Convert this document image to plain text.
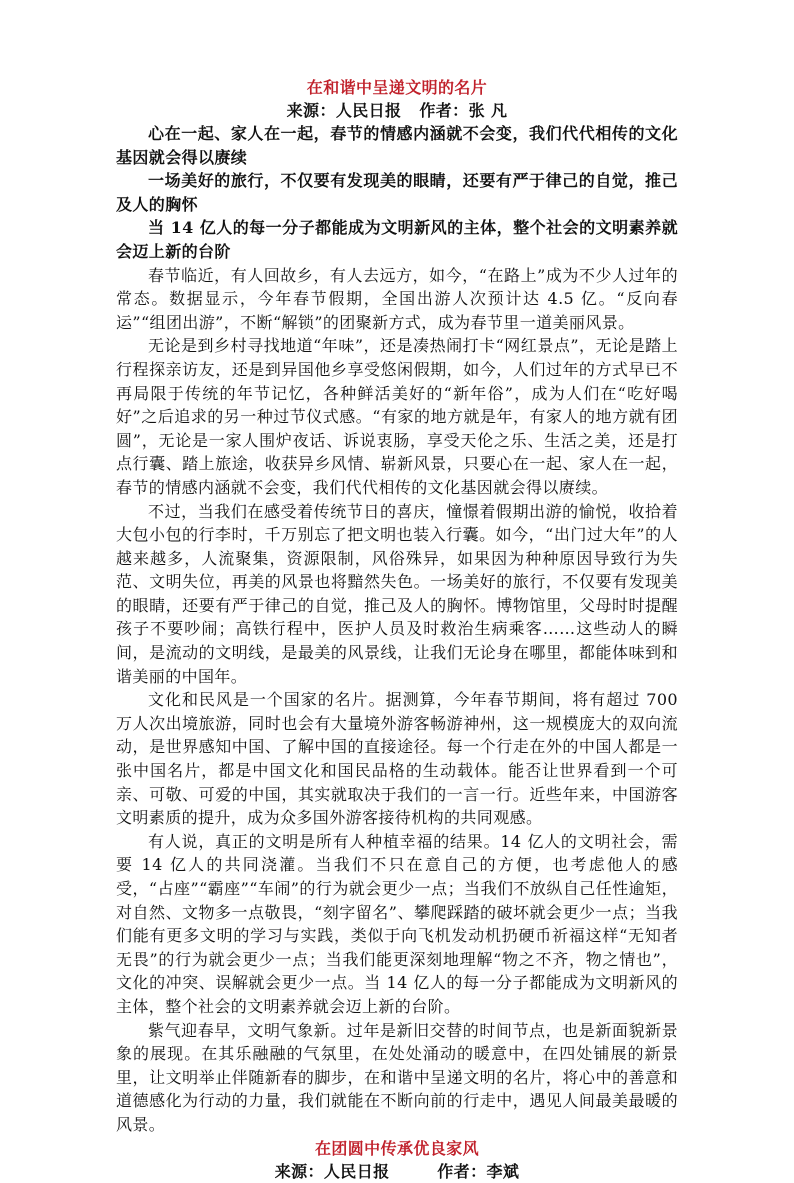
在和谐中呈递文明的名片

来源：人民日报   作者：张 凡

心在一起、家人在一起，春节的情感内涵就不会变，我们代代相传的文化基因就会得以赓续

一场美好的旅行，不仅要有发现美的眼睛，还要有严于律己的自觉，推己及人的胸怀

当 14 亿人的每一分子都能成为文明新风的主体，整个社会的文明素养就会迈上新的台阶

春节临近，有人回故乡，有人去远方，如今，“在路上”成为不少人过年的常态。数据显示，今年春节假期，全国出游人次预计达 4.5 亿。“反向春运”“组团出游”，不断“解锁”的团聚新方式，成为春节里一道美丽风景。

无论是到乡村寻找地道“年味”，还是凑热闹打卡“网红景点”，无论是踏上行程探亲访友，还是到异国他乡享受悠闲假期，如今，人们过年的方式早已不再局限于传统的年节记忆，各种鲜活美好的“新年俗”，成为人们在“吃好喝好”之后追求的另一种过节仪式感。“有家的地方就是年，有家人的地方就有团圆”，无论是一家人围炉夜话、诉说衷肠，享受天伦之乐、生活之美，还是打点行囊、踏上旅途，收获异乡风情、崭新风景，只要心在一起、家人在一起，春节的情感内涵就不会变，我们代代相传的文化基因就会得以赓续。

不过，当我们在感受着传统节日的喜庆，憧憬着假期出游的愉悦，收拾着大包小包的行李时，千万别忘了把文明也装入行囊。如今，“出门过大年”的人越来越多，人流聚集，资源限制，风俗殊异，如果因为种种原因导致行为失范、文明失位，再美的风景也将黯然失色。一场美好的旅行，不仅要有发现美的眼睛，还要有严于律己的自觉，推己及人的胸怀。博物馆里，父母时时提醒孩子不要吵闹；高铁行程中，医护人员及时救治生病乘客……这些动人的瞬间，是流动的文明线，是最美的风景线，让我们无论身在哪里，都能体味到和谐美丽的中国年。

文化和民风是一个国家的名片。据测算，今年春节期间，将有超过 700 万人次出境旅游，同时也会有大量境外游客畅游神州，这一规模庞大的双向流动，是世界感知中国、了解中国的直接途径。每一个行走在外的中国人都是一张中国名片，都是中国文化和国民品格的生动载体。能否让世界看到一个可亲、可敬、可爱的中国，其实就取决于我们的一言一行。近些年来，中国游客文明素质的提升，成为众多国外游客接待机构的共同观感。

有人说，真正的文明是所有人种植幸福的结果。14 亿人的文明社会，需要 14 亿人的共同浇灌。当我们不只在意自己的方便，也考虑他人的感受，“占座”“霸座”“车闹”的行为就会更少一点；当我们不放纵自己任性逾矩，对自然、文物多一点敬畏，“刻字留名”、攀爬踩踏的破坏就会更少一点；当我们能有更多文明的学习与实践，类似于向飞机发动机扔硬币祈福这样“无知者无畏”的行为就会更少一点；当我们能更深刻地理解“物之不齐，物之情也”，文化的冲突、误解就会更少一点。当 14 亿人的每一分子都能成为文明新风的主体，整个社会的文明素养就会迈上新的台阶。

紫气迎春早，文明气象新。过年是新旧交替的时间节点，也是新面貌新景象的展现。在其乐融融的气氛里，在处处涌动的暖意中，在四处铺展的新景里，让文明举止伴随新春的脚步，在和谐中呈递文明的名片，将心中的善意和道德感化为行动的力量，我们就能在不断向前的行走中，遇见人间最美最暖的风景。

在团圆中传承优良家风

来源：人民日报        作者：李斌
